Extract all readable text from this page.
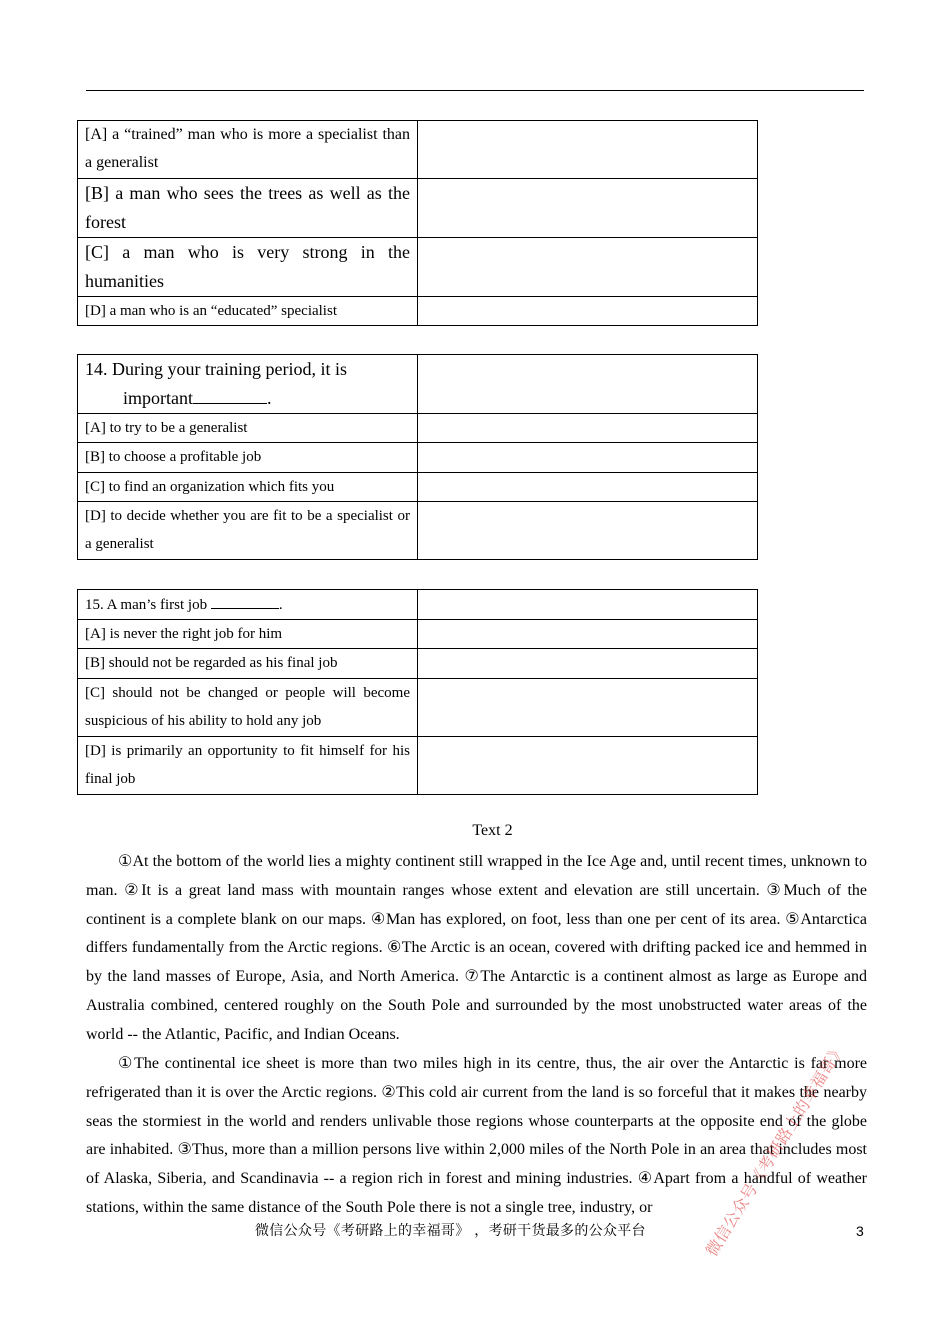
[A] a “trained” man who is more a specialist than a generalist	
[B] a man who sees the trees as well as the forest	
[C] a man who is very strong in the humanities	
[D] a man who is an “educated” specialist	
14. During your training period, it is
important .	
[A] to try to be a generalist	
[B] to choose a profitable job	
[C] to find an organization which fits you	
[D] to decide whether you are fit to be a specialist or a generalist	
15. A man’s first job .	
[A] is never the right job for him	
[B] should not be regarded as his final job	
[C] should not be changed or people will become suspicious of his ability to hold any job	
[D] is primarily an opportunity to fit himself for his final job	
Text 2

①At the bottom of the world lies a mighty continent still wrapped in the Ice Age and, until recent times, unknown to man. ②It is a great land mass with mountain ranges whose extent and elevation are still uncertain. ③Much of the continent is a complete blank on our maps. ④Man has explored, on foot, less than one per cent of its area. ⑤Antarctica differs fundamentally from the Arctic regions. ⑥The Arctic is an ocean, covered with drifting packed ice and hemmed in by the land masses of Europe, Asia, and North America. ⑦The Antarctic is a continent almost as large as Europe and Australia combined, centered roughly on the South Pole and surrounded by the most unobstructed water areas of the world -- the Atlantic, Pacific, and Indian Oceans.

①The continental ice sheet is more than two miles high in its centre, thus, the air over the Antarctic is far more refrigerated than it is over the Arctic regions. ②This cold air current from the land is so forceful that it makes the nearby seas the stormiest in the world and renders unlivable those regions whose counterparts at the opposite end of the globe are inhabited. ③Thus, more than a million persons live within 2,000 miles of the North Pole in an area that includes most of Alaska, Siberia, and Scandinavia -- a region rich in forest and mining industries. ④Apart from a handful of weather stations, within the same distance of the South Pole there is not a single tree, industry, or	微信公众号《考研路上的幸福哥》
微信公众号《考研路上的幸福哥》 ，考研干货最多的公众平台	3
